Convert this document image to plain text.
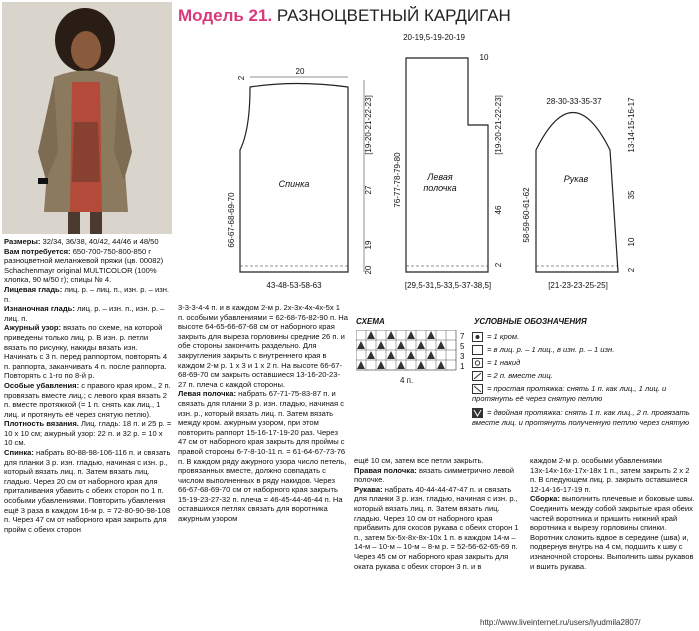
Модель 21. РАЗНОЦВЕТНЫЙ КАРДИГАН

Размеры: 32/34, 36/38, 40/42, 44/46 и 48/50

Вам потребуется: 650-700-750-800-850 г разноцветной меланжевой пряжи (цв. 00082) Schachenmayr original MULTICOLOR (100% хлопка, 90 м/50 г); спицы № 4.

Лицевая гладь: лиц. р. – лиц. п., изн. р. – изн. п.

Изнаночная гладь: лиц. р. – изн. п., изн. р. – лиц. п.

Ажурный узор: вязать по схеме, на которой приведены только лиц. р. В изн. р. петли вязать по рисунку, накиды вязать изн. Начинать с 3 п. перед раппортом, повторять 4 п. раппорта, заканчивать 4 п. после раппорта. Повторять с 1-го по 8-й р.

Особые убавления: с правого края кром., 2 п. провязать вместе лиц.; с левого края вязать 2 п. вместе протяжкой (= 1 п. снять как лиц., 1 лиц. и протянуть её через снятую петлю).

Плотность вязания. Лиц. гладь: 18 п. и 25 р. = 10 х 10 см; ажурный узор: 22 п. и 32 р. = 10 х 10 см.

Спинка: набрать 80-88-98-106-116 п. и связать для планки 3 р. изн. гладью, начиная с изн. р., который вязать лиц. п. Затем вязать лиц. гладью. Через 20 см от наборного края для приталивания убавить с обеих сторон по 1 п. особыми убавлениями. Повторить убавления ещё 3 раза в каждом 16-м р. = 72-80-90-98-108 п. Через 47 см от наборного края закрыть для пройм с обеих сторон

3-3-3-4-4 п. и в каждом 2-м р. 2х-3х-4х-4х-5х 1 п. особыми убавлениями = 62-68-76-82-90 п. На высоте 64-65-66-67-68 см от наборного края закрыть для выреза горловины средние 26 п. и обе стороны закончить раздельно. Для закругления закрыть с внутреннего края в каждом 2-м р. 1 х 3 и 1 х 2 п. На высоте 66-67-68-69-70 см закрыть оставшиеся 13-16-20-23-27 п. плеча с каждой стороны.

Левая полочка: набрать 67-71-75-83-87 п. и связать для планки 3 р. изн. гладью, начиная с изн. р., который вязать лиц. п. Затем вязать между кром. ажурным узором, при этом повторить раппорт 15-16-17-19-20 раз. Через 47 см от наборного края закрыть для проймы с правой стороны 6-7-8-10-11 п. = 61-64-67-73-76 п. В каждом ряду ажурного узора число петель, провязанных вместе, должно совпадать с числом выполненных в ряду накидов. Через 66-67-68-69-70 см от наборного края закрыть 15-19-23-27-32 п. плеча = 46-45-44-46-44 п. На оставшихся петлях связать для воротника ажурным узором

ещё 10 см, затем все петли закрыть.

Правая полочка: вязать симметрично левой полочке.

Рукава: набрать 40-44-44-47-47 п. и связать для планки 3 р. изн. гладью, начиная с изн. р., который вязать лиц. п. Затем вязать лиц. гладью. Через 10 см от наборного края прибавить для скосов рукава с обеих сторон 1 п., затем 5х-5х-8х-8х-10х 1 п. в каждом 14-м – 14-м – 10-м – 10-м – 8-м р. = 52-56-62-65-69 п. Через 45 см от наборного края закрыть для оката рукава с обеих сторон 3 п. и в

каждом 2-м р. особыми убавлениями 13х-14х-16х-17х-18х 1 п., затем закрыть 2 х 2 п. В следующем лиц. р. закрыть оставшиеся 12-14-16-17-19 п.

Сборка: выполнить плечевые и боковые швы. Соединить между собой закрытые края обеих частей воротника и пришить нижний край воротника к вырезу горловины спинки. Воротник сложить вдвое в середине (шва) и, подвернув внутрь на 4 см, подшить к шву с изнаночной стороны. Выполнить швы рукавов и вшить рукава.

Спинка
20
43-48-53-58-63
66-67-68-69-70
[19-20-21-22-23]
27
19
20
2
Левая
полочка
20-19,5-19-20-19
10
76-77-78-79-80
[19-20-21-22-23]
46
2
[29,5-31,5-33,5-37-38,5]
Рукав
28-30-33-35-37	13-14-15-16-17
58-59-60-61-62	35
10
2
[21-23-23-25-25]
СХЕМА
7
5
3
1
4 п.
УСЛОВНЫЕ ОБОЗНАЧЕНИЯ
= 1 кром.
= в лиц. р. – 1 лиц., в изн. р. – 1 изн.
= 1 накид
= 2 п. вместе лиц.
= простая протяжка: снять 1 п. как лиц., 1 лиц. и протянуть её через снятую петлю
= двойная протяжка: снять 1 п. как лиц., 2 п. провязать вместе лиц. и протянуть полученную петлю через снятую
http://www.liveinternet.ru/users/lyudmila2807/
